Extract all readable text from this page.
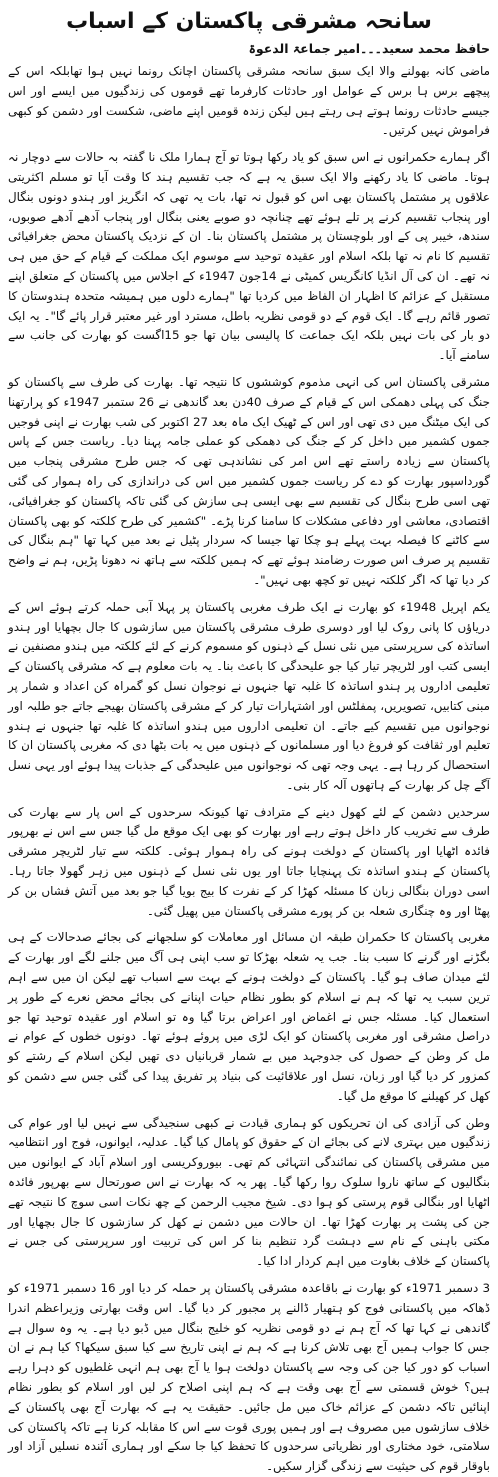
سانحہ مشرقی پاکستان کے اسباب
حافظ محمد سعید۔۔۔امیر جماعۃ الدعوۃ

ماضی کانہ بھولنے والا ایک سبق سانحہ مشرقی پاکستان اچانک رونما نہیں ہوا تھابلکہ اس کے پیچھے برس ہا برس کے عوامل اور حادثات کارفرما تھے قوموں کی زندگیوں میں ایسے اور اس جیسے حادثات رونما ہوتے ہی رہتے ہیں لیکن زندہ قومیں اپنے ماضی، شکست اور دشمن کو کبھی فراموش نہیں کرتیں۔

اگر ہمارے حکمرانوں نے اس سبق کو یاد رکھا ہوتا تو آج ہمارا ملک نا گفتہ بہ حالات سے دوچار نہ ہوتا۔ ماضی کا یاد رکھنے والا ایک سبق یہ ہے کہ جب تقسیم ہند کا وقت آیا تو مسلم اکثریتی علاقوں پر مشتمل پاکستان بھی اس کو قبول نہ تھا، بات یہ تھی کہ انگریز اور ہندو دونوں بنگال اور پنجاب تقسیم کرنے پر تلے ہوئے تھے چنانچہ دو صوبے یعنی بنگال اور پنجاب آدھے آدھے صوبوں، سندھ، خیبر پی کے اور بلوچستان پر مشتمل پاکستان بنا۔ ان کے نزدیک پاکستان محض جغرافیائی تقسیم کا نام نہ تھا بلکہ اسلام اور عقیدہ توحید سے موسوم ایک مملکت کے قیام کے حق میں ہی نہ تھے۔ ان کی آل انڈیا کانگریس کمیٹی نے 14جون 1947ء کے اجلاس میں پاکستان کے متعلق اپنے مستقبل کے عزائم کا اظہار ان الفاظ میں کردیا تھا "ہمارے دلوں میں ہمیشہ متحدہ ہندوستان کا تصور قائم رہے گا۔ ایک قوم کے دو قومی نظریہ باطل، مسترد اور غیر معتبر قرار پائے گا"۔ یہ ایک دو بار کی بات نہیں بلکہ ایک جماعت کا پالیسی بیان تھا جو 15اگست کو بھارت کی جانب سے سامنے آیا۔

مشرقی پاکستان اس کی انہی مذموم کوششوں کا نتیجہ تھا۔ بھارت کی طرف سے پاکستان کو جنگ کی پہلی دھمکی اس کے قیام کے صرف 40دن بعد گاندھی نے 26 ستمبر 1947ء کو پرارتھنا کی ایک میٹنگ میں دی تھی اور اس کے ٹھیک ایک ماہ بعد 27 اکتوبر کی شب بھارت نے اپنی فوجیں جموں کشمیر میں داخل کر کے جنگ کی دھمکی کو عملی جامہ پہنا دیا۔ ریاست جس کے پاس پاکستان سے زیادہ راستے تھے اس امر کی نشاندہی تھی کہ جس طرح مشرقی پنجاب میں گورداسپور بھارت کو دے کر ریاست جموں کشمیر میں اس کی دراندازی کی راہ ہموار کی گئی تھی اسی طرح بنگال کی تقسیم سے بھی ایسی ہی سازش کی گئی تاکہ پاکستان کو جغرافیائی، اقتصادی، معاشی اور دفاعی مشکلات کا سامنا کرنا پڑے۔ "کشمیر کی طرح کلکتہ کو بھی پاکستان سے کاٹنے کا فیصلہ بہت پہلے ہو چکا تھا جیسا کہ سردار پٹیل نے بعد میں کہا تھا "ہم بنگال کی تقسیم پر صرف اس صورت رضامند ہوئے تھے کہ ہمیں کلکتہ سے ہاتھ نہ دھونا پڑیں، ہم نے واضح کر دیا تھا کہ اگر کلکتہ نہیں تو کچھ بھی نہیں"۔

یکم اپریل 1948ء کو بھارت نے ایک طرف مغربی پاکستان پر پہلا آبی حملہ کرتے ہوئے اس کے دریاؤں کا پانی روک لیا اور دوسری طرف مشرقی پاکستان میں سازشوں کا جال بچھایا اور ہندو اساتذہ کی سرپرستی میں نئی نسل کے ذہنوں کو مسموم کرنے کے لئے کلکتہ میں ہندو مصنفین نے ایسی کتب اور لٹریچر تیار کیا جو علیحدگی کا باعث بنا۔ یہ بات معلوم ہے کہ مشرقی پاکستان کے تعلیمی اداروں پر ہندو اساتذہ کا غلبہ تھا جنہوں نے نوجوان نسل کو گمراہ کن اعداد و شمار پر مبنی کتابیں، تصویریں، پمفلٹس اور اشتہارات تیار کر کے مشرقی پاکستان بھیجے جاتے جو طلبہ اور نوجوانوں میں تقسیم کیے جاتے۔ ان تعلیمی اداروں میں ہندو اساتذہ کا غلبہ تھا جنہوں نے ہندو تعلیم اور ثقافت کو فروغ دیا اور مسلمانوں کے ذہنوں میں یہ بات بٹھا دی کہ مغربی پاکستان ان کا استحصال کر رہا ہے۔ یہی وجہ تھی کہ نوجوانوں میں علیحدگی کے جذبات پیدا ہوئے اور یہی نسل آگے چل کر بھارت کے ہاتھوں آلہ کار بنی۔

سرحدیں دشمن کے لئے کھول دینے کے مترادف تھا کیونکہ سرحدوں کے اس پار سے بھارت کی طرف سے تخریب کار داخل ہوتے رہے اور بھارت کو بھی ایک موقع مل گیا جس سے اس نے بھرپور فائدہ اٹھایا اور پاکستان کے دولخت ہونے کی راہ ہموار ہوئی۔ کلکتہ سے تیار لٹریچر مشرقی پاکستان کے ہندو اساتذہ تک پہنچایا جاتا اور یوں نئی نسل کے ذہنوں میں زہر گھولا جاتا رہا۔ اسی دوران بنگالی زبان کا مسئلہ کھڑا کر کے نفرت کا بیج بویا گیا جو بعد میں آتش فشاں بن کر پھٹا اور وہ چنگاری شعلہ بن کر پورے مشرقی پاکستان میں پھیل گئی۔

مغربی پاکستان کا حکمران طبقہ ان مسائل اور معاملات کو سلجھانے کی بجائے صدحالات کے ہی بگڑنے اور گرنے کا سبب بنا۔ جب یہ شعلہ بھڑکا تو سب اپنی ہی آگ میں جلنے لگے اور بھارت کے لئے میدان صاف ہو گیا۔ پاکستان کے دولخت ہونے کے بہت سے اسباب تھے لیکن ان میں سے اہم ترین سبب یہ تھا کہ ہم نے اسلام کو بطور نظام حیات اپنانے کی بجائے محض نعرے کے طور پر استعمال کیا۔ مسئلہ جس نے اغماض اور اعراض برتا گیا وہ تو اسلام اور عقیدہ توحید تھا جو دراصل مشرقی اور مغربی پاکستان کو ایک لڑی میں پروئے ہوئے تھا۔ دونوں خطوں کے عوام نے مل کر وطن کے حصول کی جدوجہد میں بے شمار قربانیاں دی تھیں لیکن اسلام کے رشتے کو کمزور کر دیا گیا اور زبان، نسل اور علاقائیت کی بنیاد پر تفریق پیدا کی گئی جس سے دشمن کو کھل کر کھیلنے کا موقع مل گیا۔

وطن کی آزادی کی ان تحریکوں کو ہماری قیادت نے کبھی سنجیدگی سے نہیں لیا اور عوام کی زندگیوں میں بہتری لانے کی بجائے ان کے حقوق کو پامال کیا گیا۔ عدلیہ، ایوانوں، فوج اور انتظامیہ میں مشرقی پاکستان کی نمائندگی انتہائی کم تھی۔ بیوروکریسی اور اسلام آباد کے ایوانوں میں بنگالیوں کے ساتھ ناروا سلوک روا رکھا گیا۔ پھر یہ کہ بھارت نے اس صورتحال سے بھرپور فائدہ اٹھایا اور بنگالی قوم پرستی کو ہوا دی۔ شیخ مجیب الرحمن کے چھ نکات اسی سوچ کا نتیجہ تھے جن کی پشت پر بھارت کھڑا تھا۔ ان حالات میں دشمن نے کھل کر سازشوں کا جال بچھایا اور مکتی باہنی کے نام سے دہشت گرد تنظیم بنا کر اس کی تربیت اور سرپرستی کی جس نے پاکستان کے خلاف بغاوت میں اہم کردار ادا کیا۔

3 دسمبر 1971ء کو بھارت نے باقاعدہ مشرقی پاکستان پر حملہ کر دیا اور 16 دسمبر 1971ء کو ڈھاکہ میں پاکستانی فوج کو ہتھیار ڈالنے پر مجبور کر دیا گیا۔ اس وقت بھارتی وزیراعظم اندرا گاندھی نے کہا تھا کہ آج ہم نے دو قومی نظریہ کو خلیج بنگال میں ڈبو دیا ہے۔ یہ وہ سوال ہے جس کا جواب ہمیں آج بھی تلاش کرنا ہے کہ ہم نے اپنی تاریخ سے کیا سبق سیکھا؟ کیا ہم نے ان اسباب کو دور کیا جن کی وجہ سے پاکستان دولخت ہوا یا آج بھی ہم انہی غلطیوں کو دہرا رہے ہیں؟ خوش قسمتی سے آج بھی وقت ہے کہ ہم اپنی اصلاح کر لیں اور اسلام کو بطور نظام اپنائیں تاکہ دشمن کے عزائم خاک میں مل جائیں۔ حقیقت یہ ہے کہ بھارت آج بھی پاکستان کے خلاف سازشوں میں مصروف ہے اور ہمیں پوری قوت سے اس کا مقابلہ کرنا ہے تاکہ پاکستان کی سلامتی، خود مختاری اور نظریاتی سرحدوں کا تحفظ کیا جا سکے اور ہماری آئندہ نسلیں آزاد اور باوقار قوم کی حیثیت سے زندگی گزار سکیں۔
